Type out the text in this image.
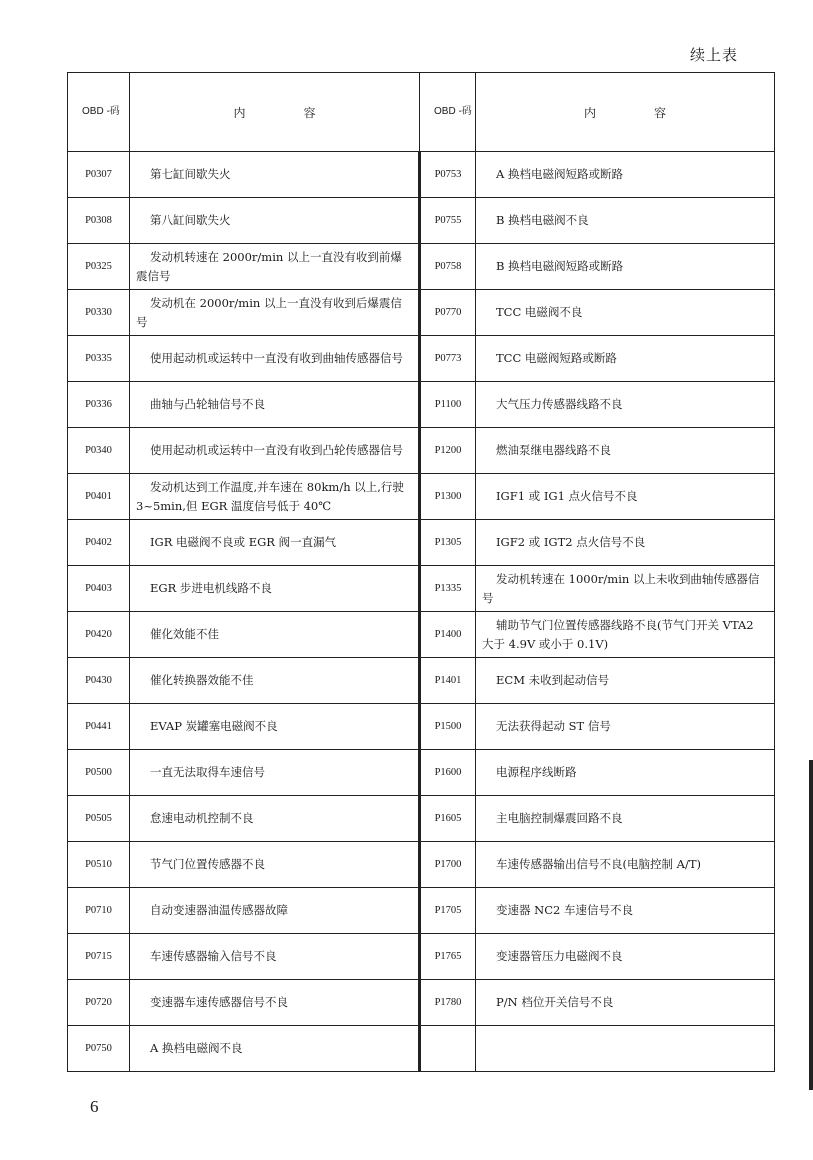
续上表
OBD -码	内容	OBD -码	内容
P0307	第七缸间歇失火	P0753	A 换档电磁阀短路或断路
P0308	第八缸间歇失火	P0755	B 换档电磁阀不良
P0325	发动机转速在 2000r/min 以上一直没有收到前爆震信号	P0758	B 换档电磁阀短路或断路
P0330	发动机在 2000r/min 以上一直没有收到后爆震信号	P0770	TCC 电磁阀不良
P0335	使用起动机或运转中一直没有收到曲轴传感器信号	P0773	TCC 电磁阀短路或断路
P0336	曲轴与凸轮轴信号不良	P1100	大气压力传感器线路不良
P0340	使用起动机或运转中一直没有收到凸轮传感器信号	P1200	燃油泵继电器线路不良
P0401	发动机达到工作温度,并车速在 80km/h 以上,行驶 3~5min,但 EGR 温度信号低于 40℃	P1300	IGF1 或 IG1 点火信号不良
P0402	IGR 电磁阀不良或 EGR 阀一直漏气	P1305	IGF2 或 IGT2 点火信号不良
P0403	EGR 步进电机线路不良	P1335	发动机转速在 1000r/min 以上未收到曲轴传感器信号
P0420	催化效能不佳	P1400	辅助节气门位置传感器线路不良(节气门开关 VTA2 大于 4.9V 或小于 0.1V)
P0430	催化转换器效能不佳	P1401	ECM 未收到起动信号
P0441	EVAP 炭罐塞电磁阀不良	P1500	无法获得起动 ST 信号
P0500	一直无法取得车速信号	P1600	电源程序线断路
P0505	怠速电动机控制不良	P1605	主电脑控制爆震回路不良
P0510	节气门位置传感器不良	P1700	车速传感器输出信号不良(电脑控制 A/T)
P0710	自动变速器油温传感器故障	P1705	变速器 NC2 车速信号不良
P0715	车速传感器输入信号不良	P1765	变速器管压力电磁阀不良
P0720	变速器车速传感器信号不良	P1780	P/N 档位开关信号不良
P0750	A 换档电磁阀不良		
6
